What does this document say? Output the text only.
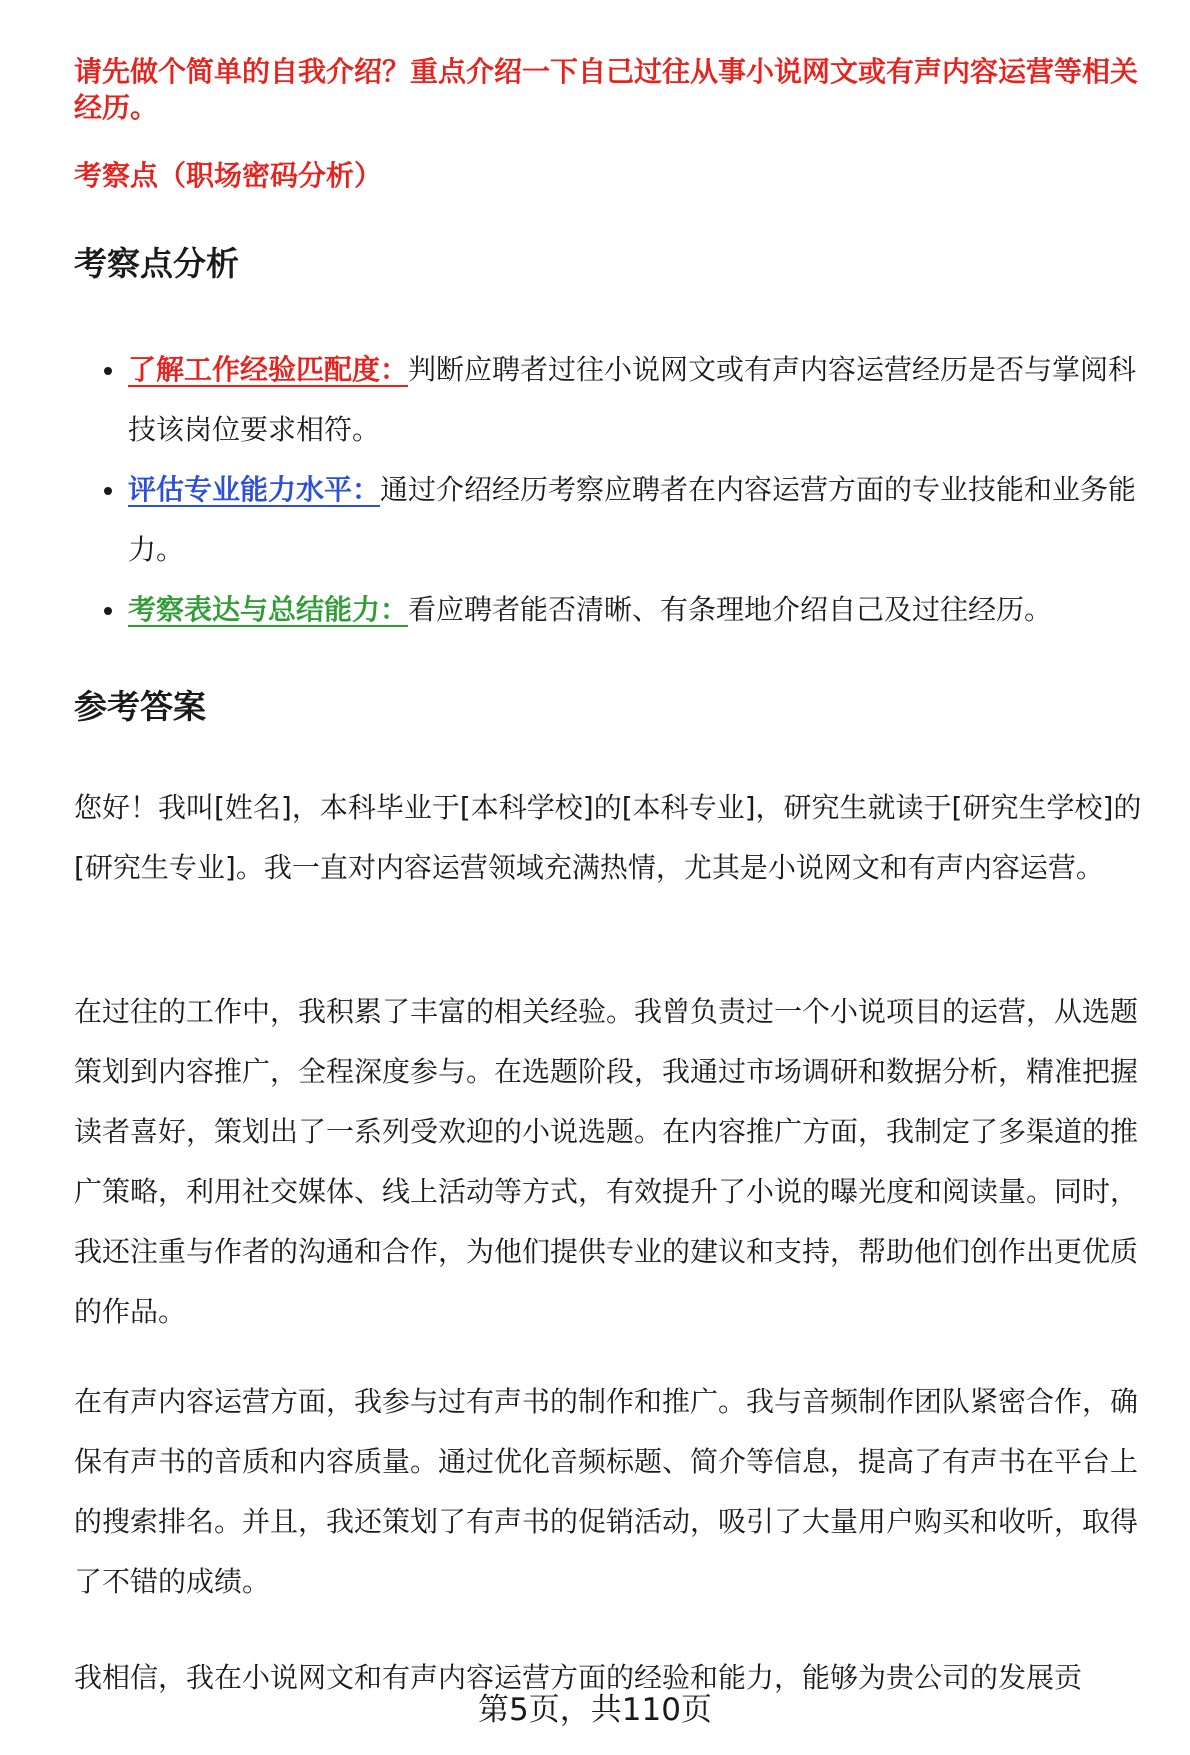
请先做个简单的自我介绍？重点介绍一下自己过往从事小说网文或有声内容运营等相关经历。

考察点（职场密码分析）

考察点分析
了解工作经验匹配度：判断应聘者过往小说网文或有声内容运营经历是否与掌阅科技该岗位要求相符。
评估专业能力水平：通过介绍经历考察应聘者在内容运营方面的专业技能和业务能力。
考察表达与总结能力：看应聘者能否清晰、有条理地介绍自己及过往经历。
参考答案

您好！我叫[姓名]，本科毕业于[本科学校]的[本科专业]，研究生就读于[研究生学校]的[研究生专业]。我一直对内容运营领域充满热情，尤其是小说网文和有声内容运营。

在过往的工作中，我积累了丰富的相关经验。我曾负责过一个小说项目的运营，从选题策划到内容推广，全程深度参与。在选题阶段，我通过市场调研和数据分析，精准把握读者喜好，策划出了一系列受欢迎的小说选题。在内容推广方面，我制定了多渠道的推广策略，利用社交媒体、线上活动等方式，有效提升了小说的曝光度和阅读量。同时，我还注重与作者的沟通和合作，为他们提供专业的建议和支持，帮助他们创作出更优质的作品。

在有声内容运营方面，我参与过有声书的制作和推广。我与音频制作团队紧密合作，确保有声书的音质和内容质量。通过优化音频标题、简介等信息，提高了有声书在平台上的搜索排名。并且，我还策划了有声书的促销活动，吸引了大量用户购买和收听，取得了不错的成绩。

我相信，我在小说网文和有声内容运营方面的经验和能力，能够为贵公司的发展贡

第5页，共110页
